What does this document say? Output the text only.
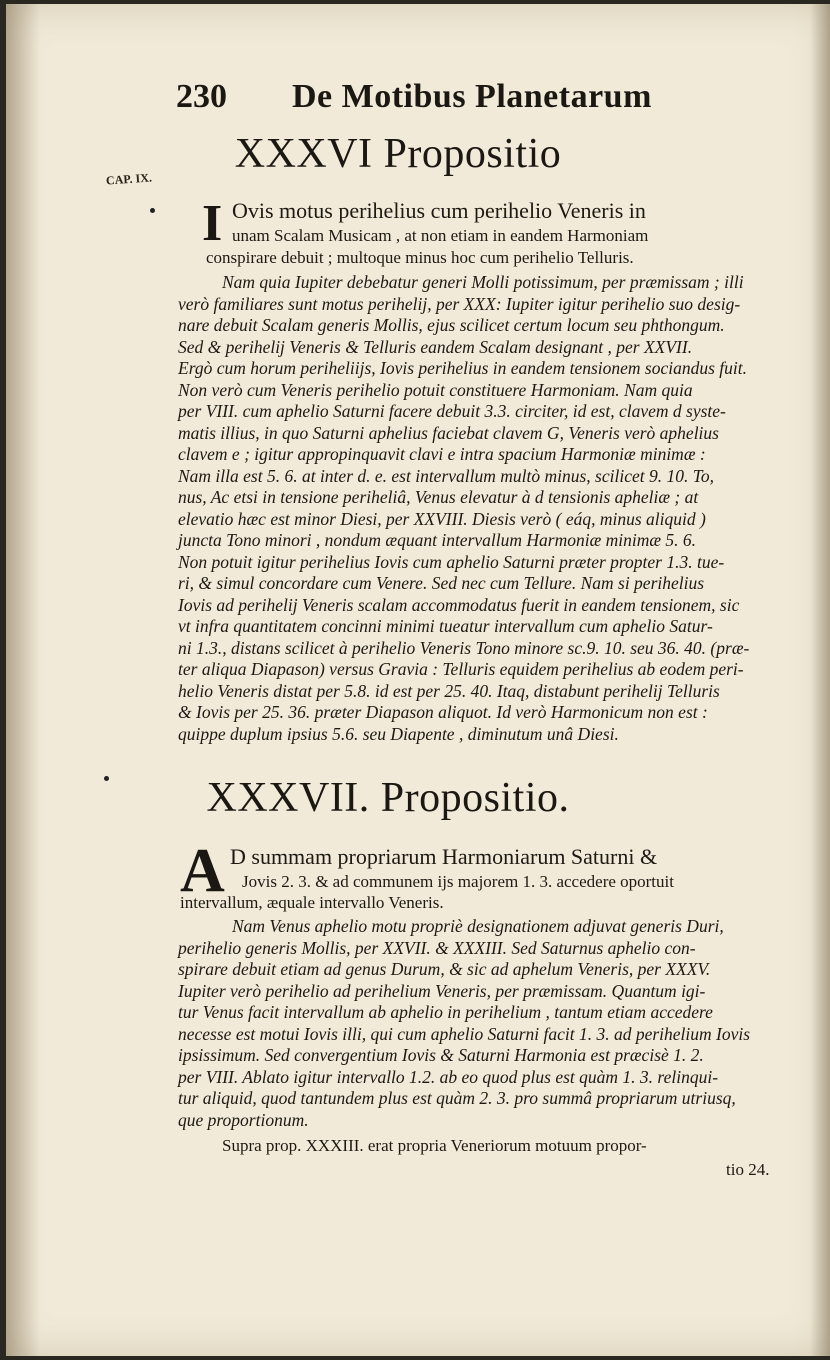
230 De Motibus Planetarum
CAP. IX.
XXXVI Propositio
I Ovis motus perihelius cum perihelio Veneris in
unam Scalam Musicam , at non etiam in eandem Harmoniam
conspirare debuit ; multoque minus hoc cum perihelio Telluris.
Nam quia Iupiter debebatur generi Molli potissimum, per præmissam ; illi
verò familiares sunt motus perihelij, per XXX: Iupiter igitur perihelio suo desig-
nare debuit Scalam generis Mollis, ejus scilicet certum locum seu phthongum.
Sed & perihelij Veneris & Telluris eandem Scalam designant , per XXVII.
Ergò cum horum periheliijs, Iovis perihelius in eandem tensionem sociandus fuit.
Non verò cum Veneris perihelio potuit constituere Harmoniam. Nam quia
per VIII. cum aphelio Saturni facere debuit 3.3. circiter, id est, clavem d syste-
matis illius, in quo Saturni aphelius faciebat clavem G, Veneris verò aphelius
clavem e ; igitur appropinquavit clavi e intra spacium Harmoniæ minimæ :
Nam illa est 5. 6. at inter d. e. est intervallum multò minus, scilicet 9. 10. To,
nus, Ac etsi in tensione periheliâ, Venus elevatur à d tensionis apheliæ ; at
elevatio hæc est minor Diesi, per XXVIII. Diesis verò ( eáq, minus aliquid )
juncta Tono minori , nondum æquant intervallum Harmoniæ minimæ 5. 6.
Non potuit igitur perihelius Iovis cum aphelio Saturni præter propter 1.3. tue-
ri, & simul concordare cum Venere. Sed nec cum Tellure. Nam si perihelius
Iovis ad perihelij Veneris scalam accommodatus fuerit in eandem tensionem, sic
vt infra quantitatem concinni minimi tueatur intervallum cum aphelio Satur-
ni 1.3., distans scilicet à perihelio Veneris Tono minore sc.9. 10. seu 36. 40. (præ-
ter aliqua Diapason) versus Gravia : Telluris equidem perihelius ab eodem peri-
helio Veneris distat per 5.8. id est per 25. 40. Itaq, distabunt perihelij Telluris
& Iovis per 25. 36. præter Diapason aliquot. Id verò Harmonicum non est :
quippe duplum ipsius 5.6. seu Diapente , diminutum unâ Diesi.
XXXVII. Propositio.
A D summam propriarum Harmoniarum Saturni &
Jovis 2. 3. & ad communem ijs majorem 1. 3. accedere oportuit
intervallum, æquale intervallo Veneris.
Nam Venus aphelio motu propriè designationem adjuvat generis Duri,
perihelio generis Mollis, per XXVII. & XXXIII. Sed Saturnus aphelio con-
spirare debuit etiam ad genus Durum, & sic ad aphelum Veneris, per XXXV.
Iupiter verò perihelio ad perihelium Veneris, per præmissam. Quantum igi-
tur Venus facit intervallum ab aphelio in perihelium , tantum etiam accedere
necesse est motui Iovis illi, qui cum aphelio Saturni facit 1. 3. ad perihelium Iovis
ipsissimum. Sed convergentium Iovis & Saturni Harmonia est præcisè 1. 2.
per VIII. Ablato igitur intervallo 1.2. ab eo quod plus est quàm 1. 3. relinqui-
tur aliquid, quod tantundem plus est quàm 2. 3. pro summâ propriarum utriusq,
que proportionum.
Supra prop. XXXIII. erat propria Veneriorum motuum propor-
tio 24.
